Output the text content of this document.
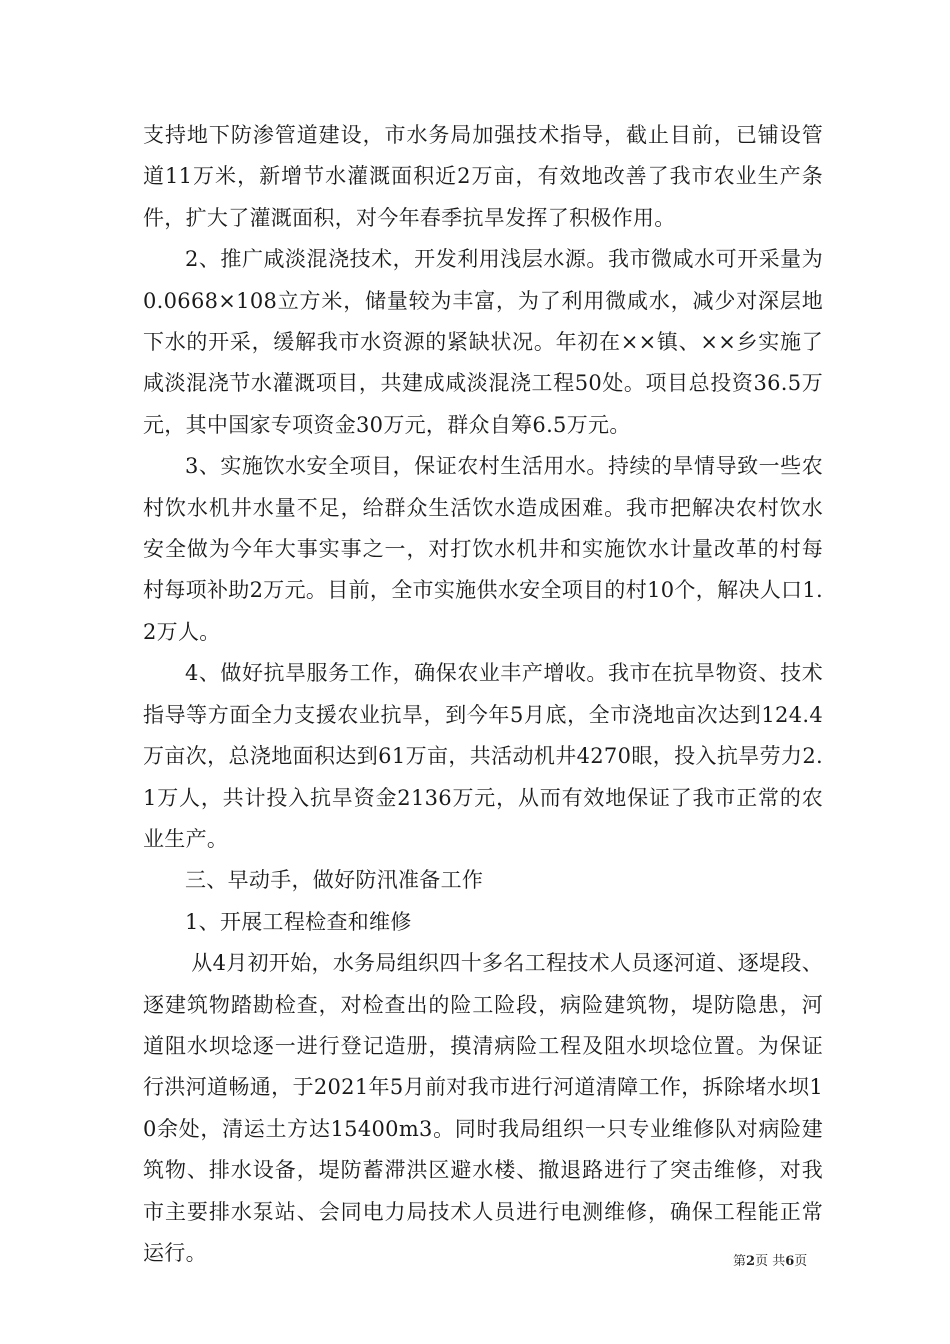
支持地下防渗管道建设，市水务局加强技术指导，截止目前，已铺设管道11万米，新增节水灌溉面积近2万亩，有效地改善了我市农业生产条件，扩大了灌溉面积，对今年春季抗旱发挥了积极作用。

2、推广咸淡混浇技术，开发利用浅层水源。我市微咸水可开采量为0.0668×108立方米，储量较为丰富，为了利用微咸水，减少对深层地下水的开采，缓解我市水资源的紧缺状况。年初在××镇、××乡实施了咸淡混浇节水灌溉项目，共建成咸淡混浇工程50处。项目总投资36.5万元，其中国家专项资金30万元，群众自筹6.5万元。

3、实施饮水安全项目，保证农村生活用水。持续的旱情导致一些农村饮水机井水量不足，给群众生活饮水造成困难。我市把解决农村饮水安全做为今年大事实事之一，对打饮水机井和实施饮水计量改革的村每村每项补助2万元。目前，全市实施供水安全项目的村10个，解决人口1.2万人。

4、做好抗旱服务工作，确保农业丰产增收。我市在抗旱物资、技术指导等方面全力支援农业抗旱，到今年5月底，全市浇地亩次达到124.4万亩次，总浇地面积达到61万亩，共活动机井4270眼，投入抗旱劳力2.1万人，共计投入抗旱资金2136万元，从而有效地保证了我市正常的农业生产。

三、早动手，做好防汛准备工作

1、开展工程检查和维修

从4月初开始，水务局组织四十多名工程技术人员逐河道、逐堤段、逐建筑物踏勘检查，对检查出的险工险段，病险建筑物，堤防隐患，河道阻水坝埝逐一进行登记造册，摸清病险工程及阻水坝埝位置。为保证行洪河道畅通，于2021年5月前对我市进行河道清障工作，拆除堵水坝10余处，清运土方达15400m3。同时我局组织一只专业维修队对病险建筑物、排水设备，堤防蓄滞洪区避水楼、撤退路进行了突击维修，对我市主要排水泵站、会同电力局技术人员进行电测维修，确保工程能正常运行。	第2页 共6页
